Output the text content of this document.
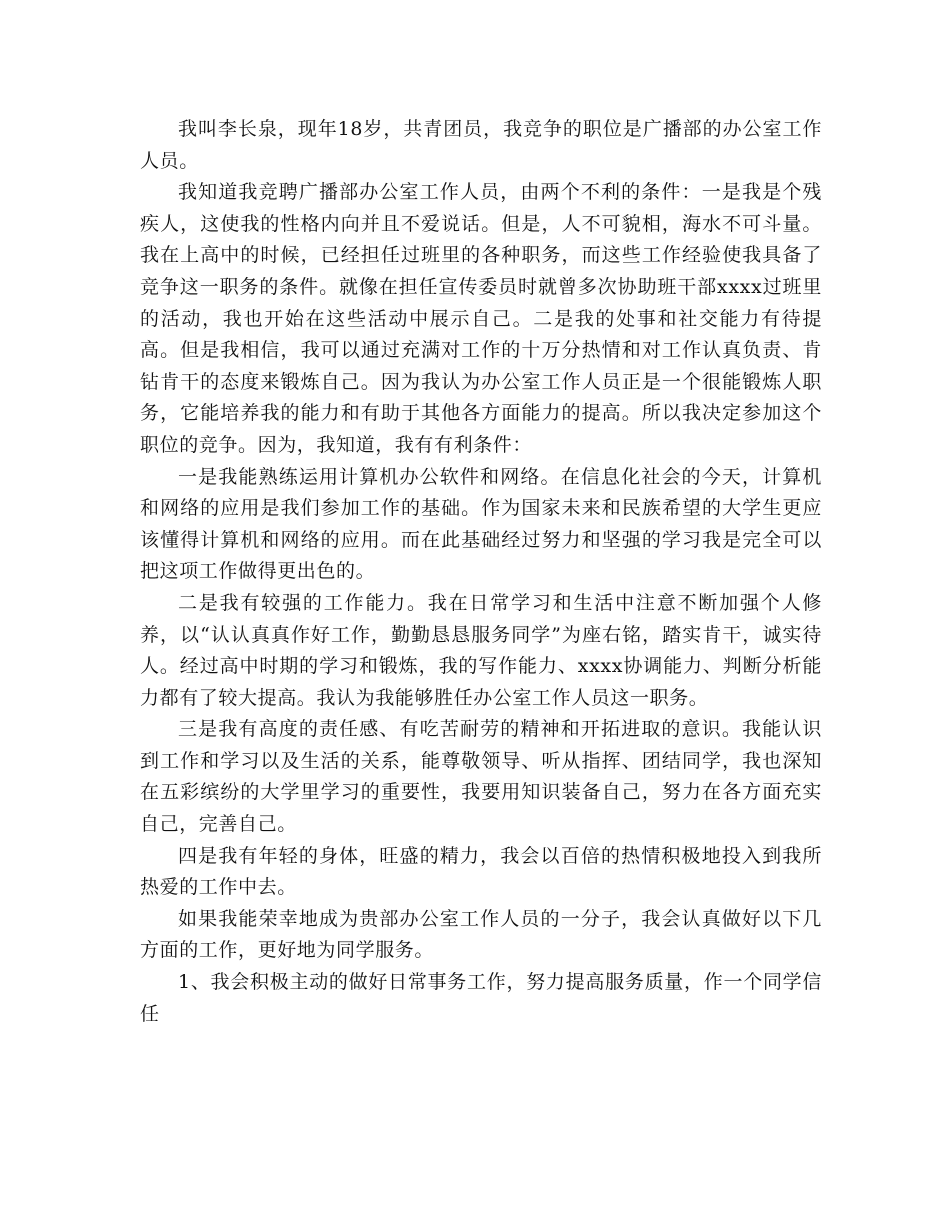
我叫李长泉，现年18岁，共青团员，我竞争的职位是广播部的办公室工作人员。

我知道我竞聘广播部办公室工作人员，由两个不利的条件：一是我是个残疾人，这使我的性格内向并且不爱说话。但是，人不可貌相，海水不可斗量。我在上高中的时候，已经担任过班里的各种职务，而这些工作经验使我具备了竞争这一职务的条件。就像在担任宣传委员时就曾多次协助班干部xxxx过班里的活动，我也开始在这些活动中展示自己。二是我的处事和社交能力有待提高。但是我相信，我可以通过充满对工作的十万分热情和对工作认真负责、肯钻肯干的态度来锻炼自己。因为我认为办公室工作人员正是一个很能锻炼人职务，它能培养我的能力和有助于其他各方面能力的提高。所以我决定参加这个职位的竞争。因为，我知道，我有有利条件：

一是我能熟练运用计算机办公软件和网络。在信息化社会的今天，计算机和网络的应用是我们参加工作的基础。作为国家未来和民族希望的大学生更应该懂得计算机和网络的应用。而在此基础经过努力和坚强的学习我是完全可以把这项工作做得更出色的。

二是我有较强的工作能力。我在日常学习和生活中注意不断加强个人修养，以“认认真真作好工作，勤勤恳恳服务同学”为座右铭，踏实肯干，诚实待人。经过高中时期的学习和锻炼，我的写作能力、xxxx协调能力、判断分析能力都有了较大提高。我认为我能够胜任办公室工作人员这一职务。

三是我有高度的责任感、有吃苦耐劳的精神和开拓进取的意识。我能认识到工作和学习以及生活的关系，能尊敬领导、听从指挥、团结同学，我也深知在五彩缤纷的大学里学习的重要性，我要用知识装备自己，努力在各方面充实自己，完善自己。

四是我有年轻的身体，旺盛的精力，我会以百倍的热情积极地投入到我所热爱的工作中去。

如果我能荣幸地成为贵部办公室工作人员的一分子，我会认真做好以下几方面的工作，更好地为同学服务。

1、我会积极主动的做好日常事务工作，努力提高服务质量，作一个同学信任
